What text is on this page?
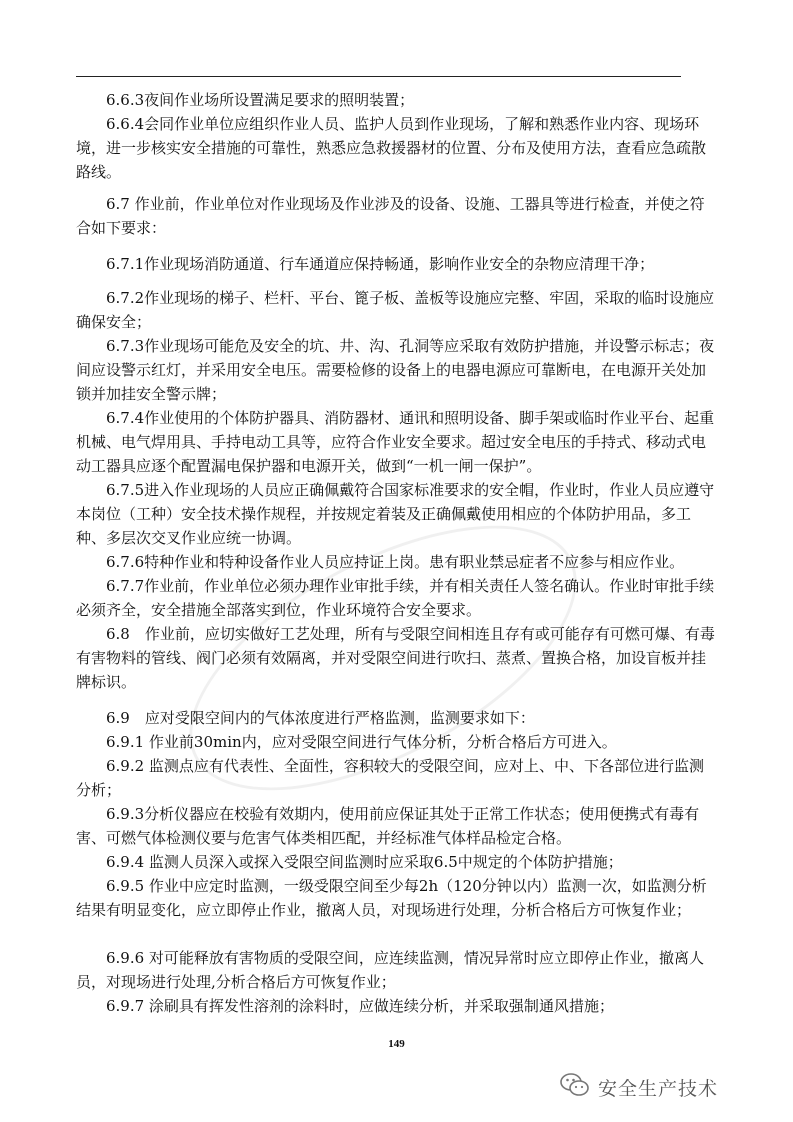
　　6.6.3夜间作业场所设置满足要求的照明装置；

　　6.6.4会同作业单位应组织作业人员、监护人员到作业现场，了解和熟悉作业内容、现场环境，进一步核实安全措施的可靠性，熟悉应急救援器材的位置、分布及使用方法，查看应急疏散路线。

　　6.7 作业前，作业单位对作业现场及作业涉及的设备、设施、工器具等进行检查，并使之符合如下要求：

　　6.7.1作业现场消防通道、行车通道应保持畅通，影响作业安全的杂物应清理干净；

　　6.7.2作业现场的梯子、栏杆、平台、篦子板、盖板等设施应完整、牢固，采取的临时设施应确保安全；

　　6.7.3作业现场可能危及安全的坑、井、沟、孔洞等应采取有效防护措施，并设警示标志；夜间应设警示红灯，并采用安全电压。需要检修的设备上的电器电源应可靠断电，在电源开关处加锁并加挂安全警示牌；

　　6.7.4作业使用的个体防护器具、消防器材、通讯和照明设备、脚手架或临时作业平台、起重机械、电气焊用具、手持电动工具等，应符合作业安全要求。超过安全电压的手持式、移动式电动工器具应逐个配置漏电保护器和电源开关，做到“一机一闸一保护”。

　　6.7.5进入作业现场的人员应正确佩戴符合国家标准要求的安全帽，作业时，作业人员应遵守本岗位（工种）安全技术操作规程，并按规定着装及正确佩戴使用相应的个体防护用品，多工种、多层次交叉作业应统一协调。

　　6.7.6特种作业和特种设备作业人员应持证上岗。患有职业禁忌症者不应参与相应作业。

　　6.7.7作业前，作业单位必须办理作业审批手续，并有相关责任人签名确认。作业时审批手续必须齐全，安全措施全部落实到位，作业环境符合安全要求。

　　6.8　作业前，应切实做好工艺处理，所有与受限空间相连且存有或可能存有可燃可爆、有毒有害物料的管线、阀门必须有效隔离，并对受限空间进行吹扫、蒸煮、置换合格，加设盲板并挂牌标识。

　　6.9　应对受限空间内的气体浓度进行严格监测，监测要求如下：

　　6.9.1 作业前30min内，应对受限空间进行气体分析，分析合格后方可进入。

　　6.9.2 监测点应有代表性、全面性，容积较大的受限空间，应对上、中、下各部位进行监测分析；

　　6.9.3分析仪器应在校验有效期内，使用前应保证其处于正常工作状态；使用便携式有毒有害、可燃气体检测仪要与危害气体类相匹配，并经标准气体样品检定合格。

　　6.9.4 监测人员深入或探入受限空间监测时应采取6.5中规定的个体防护措施；

　　6.9.5 作业中应定时监测，一级受限空间至少每2h（120分钟以内）监测一次，如监测分析结果有明显变化，应立即停止作业，撤离人员，对现场进行处理，分析合格后方可恢复作业；

　　6.9.6 对可能释放有害物质的受限空间，应连续监测，情况异常时应立即停止作业，撤离人员，对现场进行处理,分析合格后方可恢复作业；

　　6.9.7 涂刷具有挥发性溶剂的涂料时，应做连续分析，并采取强制通风措施；

149
安全生产技术
